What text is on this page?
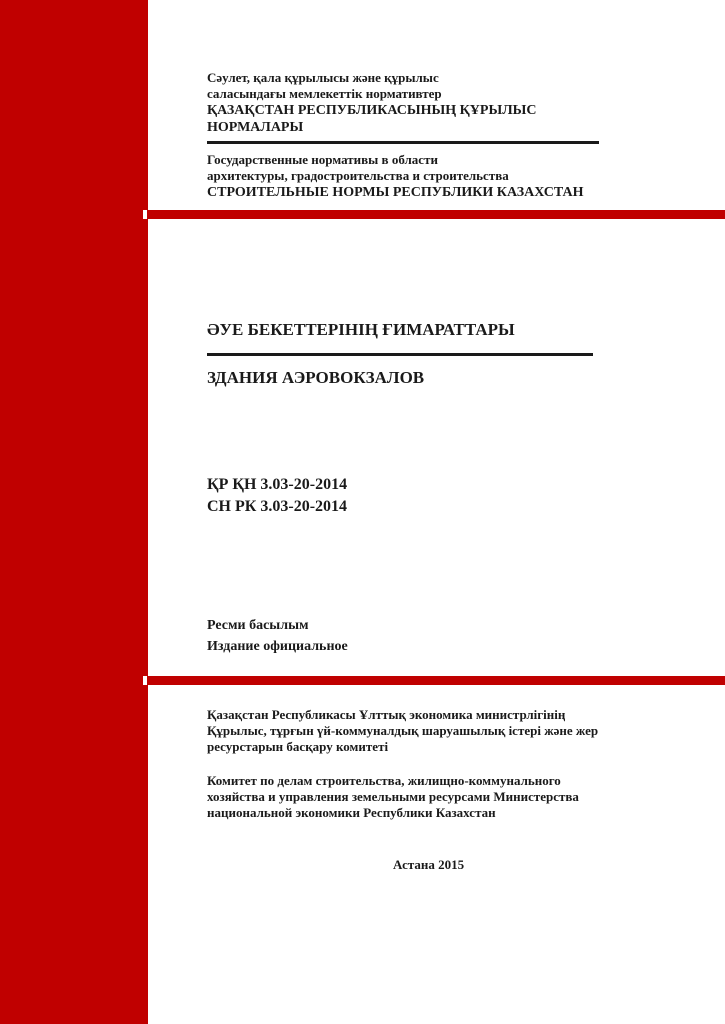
Сәулет, қала құрылысы және құрылыс
саласындағы мемлекеттік нормативтер
ҚАЗАҚСТАН РЕСПУБЛИКАСЫНЫҢ ҚҰРЫЛЫС
НОРМАЛАРЫ
Государственные нормативы в области
архитектуры, градостроительства и строительства
СТРОИТЕЛЬНЫЕ НОРМЫ РЕСПУБЛИКИ КАЗАХСТАН
ӘУЕ БЕКЕТТЕРІНІҢ ҒИМАРАТТАРЫ
ЗДАНИЯ АЭРОВОКЗАЛОВ
ҚР ҚН 3.03-20-2014
СН РК 3.03-20-2014
Ресми басылым
Издание официальное
Қазақстан Республикасы Ұлттық экономика министрлігінің
Құрылыс, тұрғын үй-коммуналдық шаруашылық істері және жер
ресурстарын басқару комитеті
Комитет по делам строительства, жилищно-коммунального
хозяйства и управления земельными ресурсами Министерства
национальной экономики Республики Казахстан
Астана 2015
